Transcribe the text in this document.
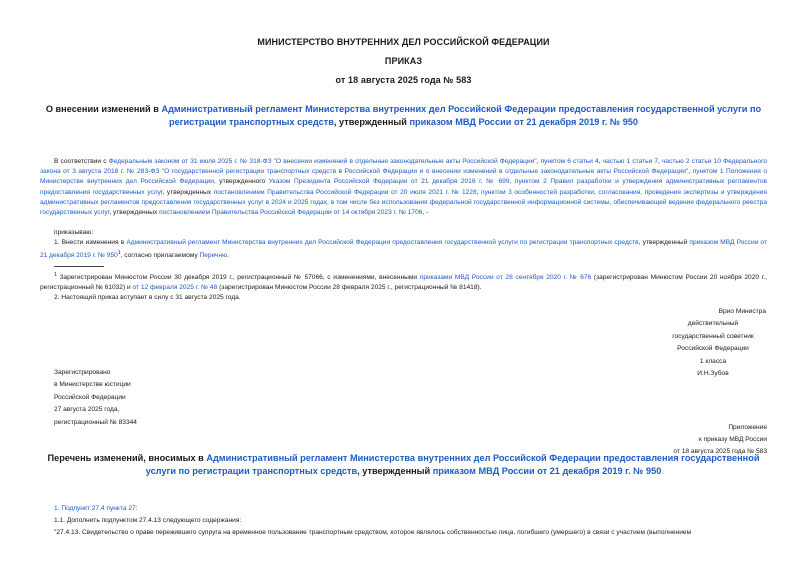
МИНИСТЕРСТВО ВНУТРЕННИХ ДЕЛ РОССИЙСКОЙ ФЕДЕРАЦИИ
ПРИКАЗ
от 18 августа 2025 года № 583
О внесении изменений в Административный регламент Министерства внутренних дел Российской Федерации предоставления государственной услуги по регистрации транспортных средств, утвержденный приказом МВД России от 21 декабря 2019 г. № 950
В соответствии с Федеральным законом от 31 июля 2025 г. № 318-ФЗ "О внесении изменений в отдельные законодательные акты Российской Федерации", пунктом 6 статьи 4, частью 1 статьи 7, частью 2 статьи 10 Федерального закона от 3 августа 2018 г. № 283-ФЗ "О государственной регистрации транспортных средств в Российской Федерации и о внесении изменений в отдельные законодательные акты Российской Федерации", пунктом 1 Положения о Министерстве внутренних дел Российской Федерации, утвержденного Указом Президента Российской Федерации от 21 декабря 2016 г. № 699, пунктом 2 Правил разработки и утверждения административных регламентов предоставления государственных услуг, утвержденных постановлением Правительства Российской Федерации от 20 июля 2021 г. № 1228, пунктом 3 особенностей разработки, согласования, проведения экспертизы и утверждения административных регламентов предоставления государственных услуг в 2024 и 2025 годах, в том числе без использования федеральной государственной информационной системы, обеспечивающей ведение федерального реестра государственных услуг, утвержденных постановлением Правительства Российской Федерации от 14 октября 2023 г. № 1706, -
приказываю:
1. Внести изменения в Административный регламент Министерства внутренних дел Российской Федерации предоставления государственной услуги по регистрации транспортных средств, утвержденный приказом МВД России от 21 декабря 2019 г. № $950^1$, согласно прилагаемому Перечню.
$^1$ Зарегистрирован Минюстом России 30 декабря 2019 г., регистрационный № 57066, с изменениями, внесенными приказами МВД России от 28 сентября 2020 г. № 676 (зарегистрирован Минюстом России 20 ноября 2020 г., регистрационный № 61032) и от 12 февраля 2025 г. № 48 (зарегистрирован Минюстом России 28 февраля 2025 г., регистрационный № 81418).
2. Настоящий приказ вступает в силу с 31 августа 2025 года.
Врио Министра
действительный
государственный советник
Российской Федерации
1 класса
И.Н.Зубов
Зарегистрировано
в Министерстве юстиции
Российской Федерации
27 августа 2025 года,
регистрационный № 83344
Приложение
к приказу МВД России
от 18 августа 2025 года № 583
Перечень изменений, вносимых в Административный регламент Министерства внутренних дел Российской Федерации предоставления государственной услуги по регистрации транспортных средств, утвержденный приказом МВД России от 21 декабря 2019 г. № 950
1. Подпункт 27.4 пункта 27:
1.1. Дополнить подпунктом 27.4.13 следующего содержания:
"27.4.13. Свидетельство о праве пережившего супруга на временное пользование транспортным средством, которое являлось собственностью лица, погибшего (умершего) в связи с участием (выполнением
